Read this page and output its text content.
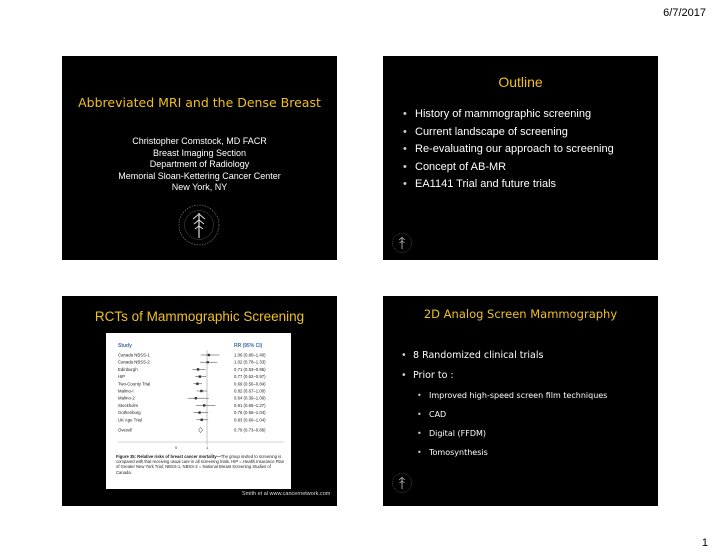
6/7/2017
Abbreviated MRI and the Dense Breast
Christopher Comstock, MD FACR
Breast Imaging Section
Department of Radiology
Memorial Sloan-Kettering Cancer Center
New York, NY
Outline
• History of mammographic screening
• Current landscape of screening
• Re-evaluating our approach to screening
• Concept of AB-MR
• EA1141 Trial and future trials
RCTs of Mammographic Screening
Study	RR (95% CI)
Canada NBSS-1	1.06 (0.80–1.40)
Canada NBSS-2	1.02 (0.78–1.33)
Edinburgh	0.71 (0.53–0.95)
HIP	0.77 (0.62–0.97)
Two-County Trial	0.69 (0.56–0.84)
Malmo-I	0.82 (0.67–1.00)
Malmo-2	0.64 (0.39–1.06)
Stockholm	0.91 (0.65–1.27)
Gothenburg	0.76 (0.56–1.04)
UK Age Trial	0.83 (0.66–1.04)
Overall	0.79 (0.73–0.86)
0	1
Figure 35: Relative risks of breast cancer mortality—The group invited to screening is compared with that receiving usual care in all screening trials. HIP = Health Insurance Plan of Greater New York Trial; NBSS-1, NBSS-2 = National Breast Screening Studies of Canada.
Smith et al www.cancernetwork.com
2D Analog Screen Mammography
• 8 Randomized clinical trials
• Prior to :
• Improved high-speed screen film techniques
• CAD
• Digital (FFDM)
• Tomosynthesis
1
